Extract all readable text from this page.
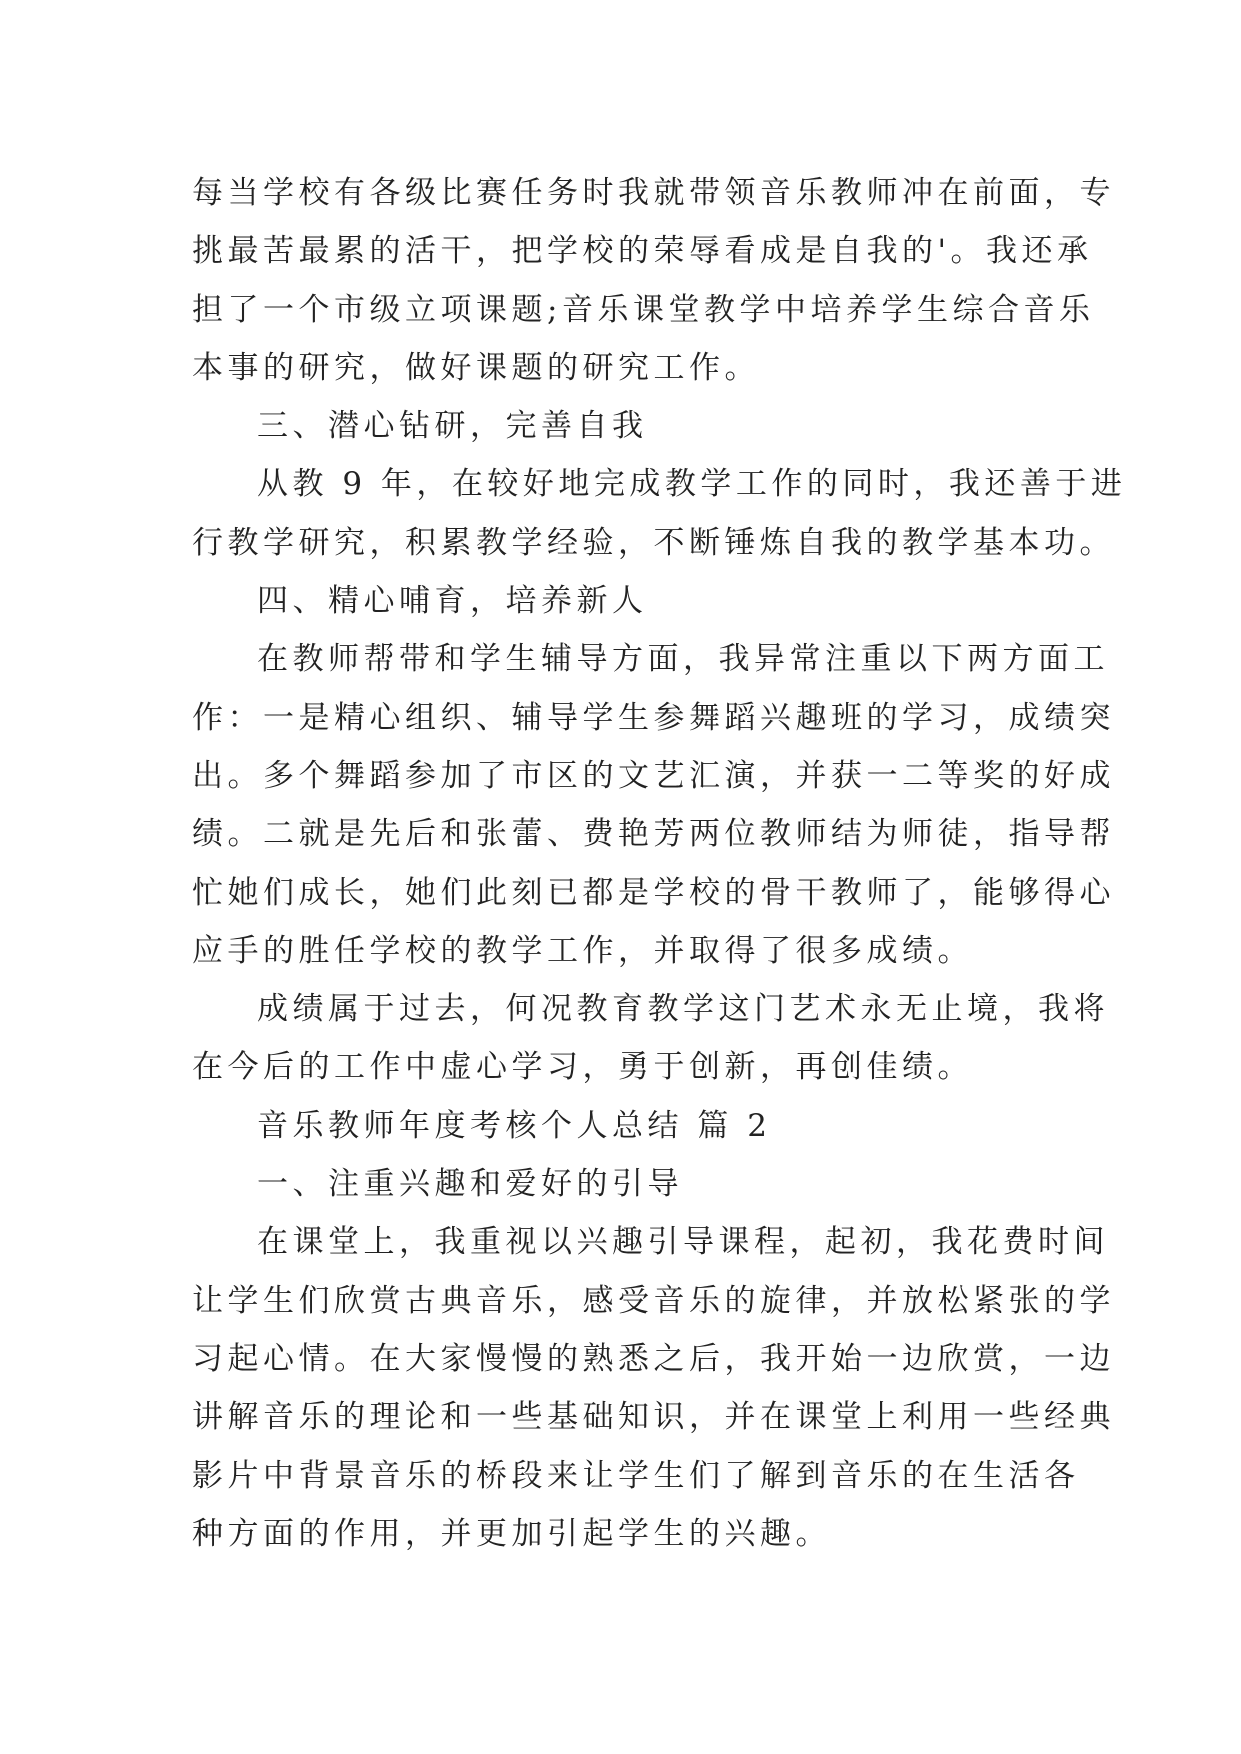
每当学校有各级比赛任务时我就带领音乐教师冲在前面，专
挑最苦最累的活干，把学校的荣辱看成是自我的'。我还承
担了一个市级立项课题;音乐课堂教学中培养学生综合音乐
本事的研究，做好课题的研究工作。
三、潜心钻研，完善自我
从教 9 年，在较好地完成教学工作的同时，我还善于进
行教学研究，积累教学经验，不断锤炼自我的教学基本功。
四、精心哺育，培养新人
在教师帮带和学生辅导方面，我异常注重以下两方面工
作：一是精心组织、辅导学生参舞蹈兴趣班的学习，成绩突
出。多个舞蹈参加了市区的文艺汇演，并获一二等奖的好成
绩。二就是先后和张蕾、费艳芳两位教师结为师徒，指导帮
忙她们成长，她们此刻已都是学校的骨干教师了，能够得心
应手的胜任学校的教学工作，并取得了很多成绩。
成绩属于过去，何况教育教学这门艺术永无止境，我将
在今后的工作中虚心学习，勇于创新，再创佳绩。
音乐教师年度考核个人总结 篇 2
一、注重兴趣和爱好的引导
在课堂上，我重视以兴趣引导课程，起初，我花费时间
让学生们欣赏古典音乐，感受音乐的旋律，并放松紧张的学
习起心情。在大家慢慢的熟悉之后，我开始一边欣赏，一边
讲解音乐的理论和一些基础知识，并在课堂上利用一些经典
影片中背景音乐的桥段来让学生们了解到音乐的在生活各
种方面的作用，并更加引起学生的兴趣。
